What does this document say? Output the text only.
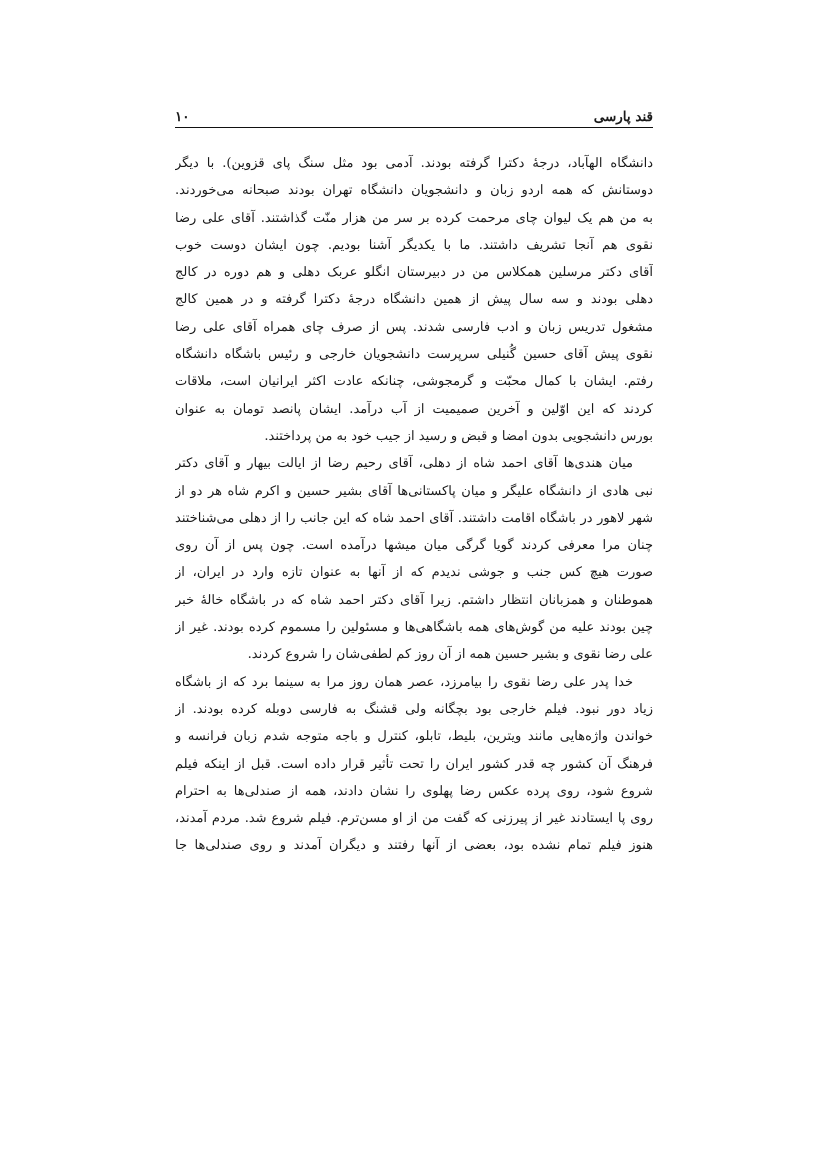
قند پارسی
۱۰
دانشگاه الهآباد، درجهٔ دکترا گرفته بودند. آدمی بود مثل سنگ پای قزوین). با دیگر
دوستانش که همه اردو زبان و دانشجویان دانشگاه تهران بودند صبحانه می‌خوردند.
به من هم یک لیوان چای مرحمت کرده بر سر من هزار منّت گذاشتند. آقای علی رضا
نقوی هم آنجا تشریف داشتند. ما با یکدیگر آشنا بودیم. چون ایشان دوست خوب
آقای دکتر مرسلین همکلاس من در دبیرستان انگلو عربک دهلی و هم دوره در کالج
دهلی بودند و سه سال پیش از همین دانشگاه درجهٔ دکترا گرفته و در همین کالج
مشغول تدریس زبان و ادب فارسی شدند. پس از صرف چای همراه آقای علی رضا
نقوی پیش آقای حسین گُنیلی سرپرست دانشجویان خارجی و رئیس باشگاه دانشگاه
رفتم. ایشان با کمال محبّت و گرمجوشی، چنانکه عادت اکثر ایرانیان است، ملاقات
کردند که این اوّلین و آخرین صمیمیت از آب درآمد. ایشان پانصد تومان به عنوان
بورس دانشجویی بدون امضا و قبض و رسید از جیب خود به من پرداختند.
میان هندی‌ها آقای احمد شاه از دهلی، آقای رحیم رضا از ایالت بیهار و آقای دکتر
نبی هادی از دانشگاه علیگر و میان پاکستانی‌ها آقای بشیر حسین و اکرم شاه هر دو از
شهر لاهور در باشگاه اقامت داشتند. آقای احمد شاه که این جانب را از دهلی می‌شناختند
چنان مرا معرفی کردند گویا گرگی میان میشها درآمده است. چون پس از آن روی
صورت هیچ کس جنب و جوشی ندیدم که از آنها به عنوان تازه وارد در ایران، از
هموطنان و همزبانان انتظار داشتم. زیرا آقای دکتر احمد شاه که در باشگاه خالهٔ خبر
چین بودند علیه من گوش‌های همه باشگاهی‌ها و مسئولین را مسموم کرده بودند. غیر از
علی رضا نقوی و بشیر حسین همه از آن روز کم لطفی‌شان را شروع کردند.
خدا پدر علی رضا نقوی را بیامرزد، عصر همان روز مرا به سینما برد که از باشگاه
زیاد دور نبود. فیلم خارجی بود بچگانه ولی قشنگ به فارسی دوبله کرده بودند. از
خواندن واژه‌هایی مانند ویترین، بلیط، تابلو، کنترل و باجه متوجه شدم زبان فرانسه و
فرهنگ آن کشور چه قدر کشور ایران را تحت تأثیر قرار داده است. قبل از اینکه فیلم
شروع شود، روی پرده عکس رضا پهلوی را نشان دادند، همه از صندلی‌ها به احترام
روی پا ایستادند غیر از پیرزنی که گفت من از او مسن‌ترم. فیلم شروع شد. مردم آمدند،
هنوز فیلم تمام نشده بود، بعضی از آنها رفتند و دیگران آمدند و روی صندلی‌ها جا
